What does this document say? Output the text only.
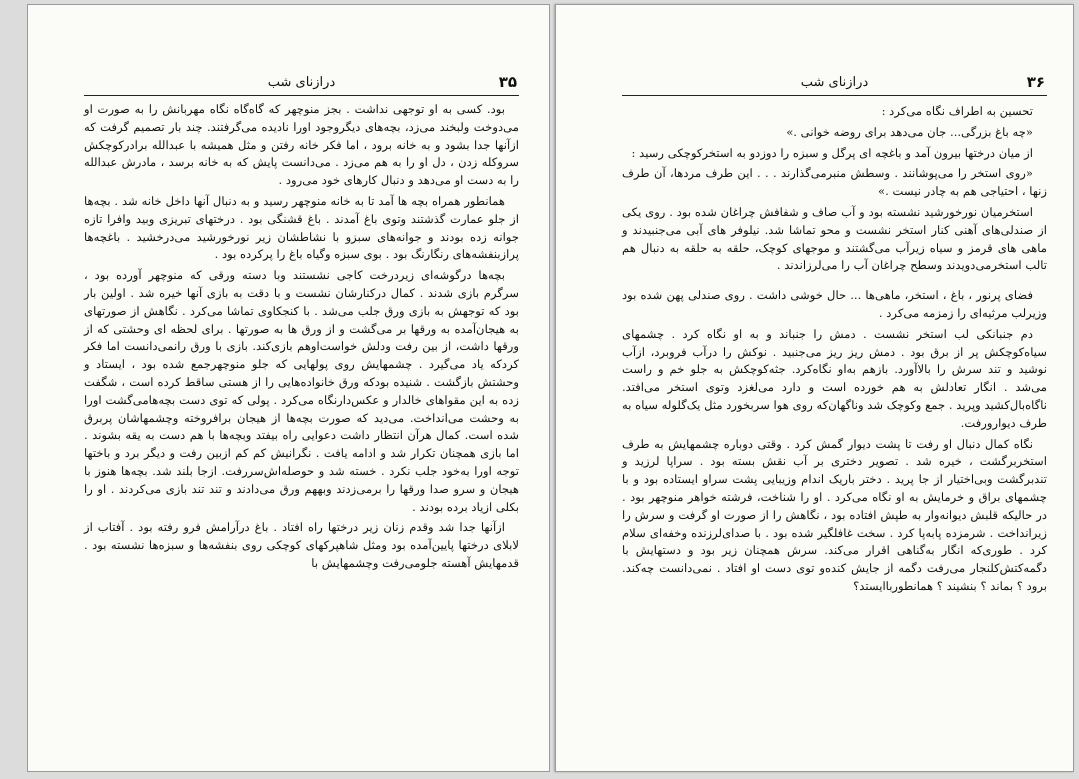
۳۵
درازنای شب

بود. کسی به او توجهی نداشت . بجز منوچهر که گاه‌گاه نگاه مهربانش را به صورت او می‌دوخت ولبخند می‌زد، بچه‌های دیگروجود اورا نادیده می‌گرفتند. چند بار تصمیم گرفت که ازآنها جدا بشود و به خانه برود ، اما فکر خانه رفتن و مثل همیشه با عبدالله برادرکوچکش سروکله زدن ، دل او را به هم می‌زد . می‌دانست پایش که به خانه برسد ، مادرش عبدالله را به دست او می‌دهد و دنبال کارهای خود می‌رود .

همانطور همراه بچه ها آمد تا به خانه منوچهر رسید و به دنبال آنها داخل خانه شد . بچه‌ها از جلو عمارت گذشتند وتوی باغ آمدند . باغ قشنگی بود . درختهای تبریزی وبید وافرا تازه جوانه زده بودند و جوانه‌های سبزو با نشاطشان زیر نورخورشید می‌درخشید . باغچه‌ها پرازبنفشه‌های رنگارنگ بود . بوی سبزه وگیاه باغ را پرکرده بود .

بچه‌ها درگوشه‌ای زیردرخت کاجی نشستند وبا دسته ورقی که منوچهر آورده بود ، سرگرم بازی شدند . کمال درکنارشان نشست و با دقت به بازی آنها خیره شد . اولین بار بود که توجهش به بازی ورق جلب می‌شد . با کنجکاوی تماشا می‌کرد . نگاهش از صورتهای به هیجان‌آمده به ورقها بر می‌گشت و از ورق ها به صورتها . برای لحظه ای وحشتی که از ورقها داشت، از بین رفت ودلش خواست‌اوهم بازی‌کند. بازی با ورق رانمی‌دانست اما فکر کردکه یاد می‌گیرد . چشمهایش روی پولهایی که جلو منوچهرجمع شده بود ، ایستاد و وحشتش بازگشت . شنیده بودکه ورق خانواده‌هایی را از هستی ساقط کرده است ، شگفت زده به این مقواهای خالدار و عکس‌دارنگاه می‌کرد . پولی که توی دست بچه‌هامی‌گشت اورا به وحشت می‌انداخت. می‌دید که صورت بچه‌ها از هیجان برافروخته وچشمهاشان پربرق شده است. کمال هرآن انتظار داشت دعوایی راه بیفتد وبچه‌ها با هم دست به یقه بشوند . اما بازی همچنان تکرار شد و ادامه یافت . نگرانیش کم کم ازبین رفت و دیگر برد و باختها توجه اورا به‌خود جلب نکرد . خسته شد و حوصله‌اش‌سررفت. ازجا بلند شد. بچه‌ها هنوز با هیجان و سرو صدا ورقها را برمی‌زدند وبههم ورق می‌دادند و تند تند بازی می‌کردند . او را بکلی ازیاد برده بودند .

ازآنها جدا شد وقدم زنان زیر درختها راه افتاد . باغ درآرامش فرو رفته بود . آفتاب از لابلای درختها پایین‌آمده بود ومثل شاهپرکهای کوچکی روی بنفشه‌ها و سبزه‌ها نشسته بود . قدمهایش آهسته جلومی‌رفت وچشمهایش با

۳۶
درازنای شب

تحسین به اطراف نگاه می‌کرد :

«چه باغ بزرگی... جان می‌دهد برای روضه خوانی .»

از میان درختها بیرون آمد و باغچه ای پرگل و سبزه را دوزدو به استخرکوچکی رسید :

«روی استخر را می‌پوشانند . وسطش منبرمی‌گذارند . . . این طرف مردها، آن طرف زنها ، احتیاجی هم به چادر نیست .»

استخرمیان نورخورشید نشسته بود و آب صاف و شفافش چراغان شده بود . روی یکی از صندلی‌های آهنی کنار استخر نشست و محو تماشا شد. نیلوفر های آبی می‌جنبیدند و ماهی های قرمز و سیاه زیرآب می‌گشتند و موجهای کوچک، حلقه به حلقه به دنبال هم تالب استخرمی‌دویدند وسطح چراغان آب را می‌لرزاندند .

فضای پرنور ، باغ ، استخر، ماهی‌ها ... حال خوشی داشت . روی صندلی پهن شده بود وزیرلب مرثیه‌ای را زمزمه می‌کرد .

دم جنبانکی لب استخر نشست . دمش را جنباند و به او نگاه کرد . چشمهای سیاه‌کوچکش پر از برق بود . دمش ریز ریز می‌جنبید . نوکش را درآب فروبرد، ازآب نوشید و تند سرش را بالاآورد. بازهم به‌او نگاه‌کرد. جثه‌کوچکش به جلو خم و راست می‌شد . انگار تعادلش به هم خورده است و دارد می‌لغزد وتوی استخر می‌افتد. ناگاه‌بال‌کشید وپرید . جمع وکوچک شد وناگهان‌که روی هوا سربخورد مثل یک‌گلوله سیاه به طرف دیوارورفت.

نگاه کمال دنبال او رفت تا پشت دیوار گمش کرد . وقتی دوباره چشمهایش به طرف استخربرگشت ، خیره شد . تصویر دختری بر آب نقش بسته بود . سراپا لرزید و تندبرگشت وبی‌اختیار از جا پرید . دختر باریک اندام وزیبایی پشت سراو ایستاده بود و با چشمهای براق و خرمایش به او نگاه می‌کرد . او را شناخت، فرشته خواهر منوچهر بود . در حالیکه قلبش دیوانه‌وار به طپش افتاده بود ، نگاهش را از صورت او گرفت و سرش را زیرانداخت . شرمزده پابه‌پا کرد . سخت غافلگیر شده بود . با صدای‌لرزنده وخفه‌ای سلام کرد . طوری‌که انگار به‌گناهی اقرار می‌کند. سرش همچنان زیر بود و دستهایش با دگمه‌کتش‌کلنجار می‌رفت دگمه از جایش کنده‌و توی دست او افتاد . نمی‌دانست چه‌کند. برود ؟ بماند ؟ بنشیند ؟ همانطورباایستد؟
